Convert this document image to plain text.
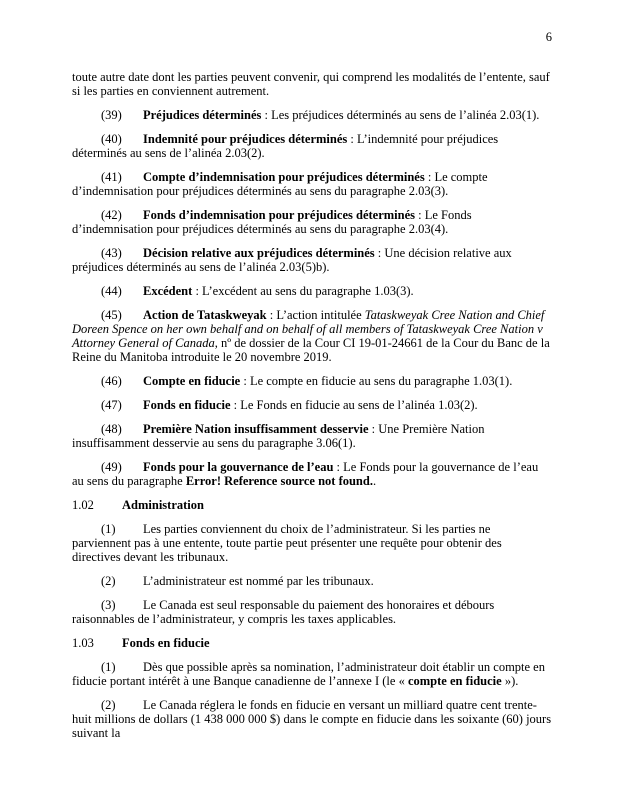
6

toute autre date dont les parties peuvent convenir, qui comprend les modalités de l’entente, sauf si les parties en conviennent autrement.

(39) Préjudices déterminés : Les préjudices déterminés au sens de l’alinéa 2.03(1).

(40) Indemnité pour préjudices déterminés : L’indemnité pour préjudices déterminés au sens de l’alinéa 2.03(2).

(41) Compte d’indemnisation pour préjudices déterminés : Le compte d’indemnisation pour préjudices déterminés au sens du paragraphe 2.03(3).

(42) Fonds d’indemnisation pour préjudices déterminés : Le Fonds d’indemnisation pour préjudices déterminés au sens du paragraphe 2.03(4).

(43) Décision relative aux préjudices déterminés : Une décision relative aux préjudices déterminés au sens de l’alinéa 2.03(5)b).

(44) Excédent : L’excédent au sens du paragraphe 1.03(3).

(45) Action de Tataskweyak : L’action intitulée Tataskweyak Cree Nation and Chief Doreen Spence on her own behalf and on behalf of all members of Tataskweyak Cree Nation v Attorney General of Canada, nº de dossier de la Cour CI 19-01-24661 de la Cour du Banc de la Reine du Manitoba introduite le 20 novembre 2019.

(46) Compte en fiducie : Le compte en fiducie au sens du paragraphe 1.03(1).

(47) Fonds en fiducie : Le Fonds en fiducie au sens de l’alinéa 1.03(2).

(48) Première Nation insuffisamment desservie : Une Première Nation insuffisamment desservie au sens du paragraphe 3.06(1).

(49) Fonds pour la gouvernance de l’eau : Le Fonds pour la gouvernance de l’eau au sens du paragraphe Error! Reference source not found..

1.02 Administration

(1) Les parties conviennent du choix de l’administrateur. Si les parties ne parviennent pas à une entente, toute partie peut présenter une requête pour obtenir des directives devant les tribunaux.

(2) L’administrateur est nommé par les tribunaux.

(3) Le Canada est seul responsable du paiement des honoraires et débours raisonnables de l’administrateur, y compris les taxes applicables.

1.03 Fonds en fiducie

(1) Dès que possible après sa nomination, l’administrateur doit établir un compte en fiducie portant intérêt à une Banque canadienne de l’annexe I (le « compte en fiducie »).

(2) Le Canada réglera le fonds en fiducie en versant un milliard quatre cent trente-huit millions de dollars (1 438 000 000 $) dans le compte en fiducie dans les soixante (60) jours suivant la
